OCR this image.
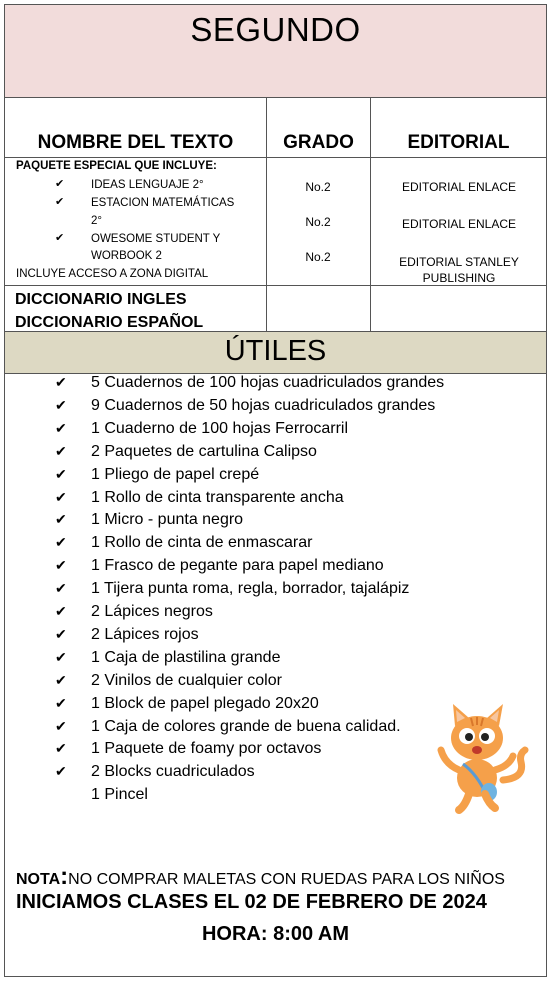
SEGUNDO
NOMBRE DEL TEXTO	GRADO	EDITORIAL
PAQUETE ESPECIAL QUE INCLUYE:
✔ IDEAS LENGUAJE 2°
✔ ESTACION MATEMÁTICAS
2°
✔ OWESOME STUDENT Y
WORBOOK 2
INCLUYE ACCESO A ZONA DIGITAL
No.2
No.2
No.2
EDITORIAL ENLACE
EDITORIAL ENLACE
EDITORIAL STANLEY
PUBLISHING
DICCIONARIO INGLES
DICCIONARIO ESPAÑOL
ÚTILES
✔ 5 Cuadernos de 100 hojas cuadriculados grandes
✔ 9 Cuadernos de 50 hojas cuadriculados grandes
✔ 1 Cuaderno de 100 hojas Ferrocarril
✔ 2 Paquetes de cartulina Calipso
✔ 1 Pliego de papel crepé
✔ 1 Rollo de cinta transparente ancha
✔ 1 Micro - punta negro
✔ 1 Rollo de cinta de enmascarar
✔ 1 Frasco de pegante para papel mediano
✔ 1 Tijera punta roma, regla, borrador, tajalápiz
✔ 2 Lápices negros
✔ 2 Lápices rojos
✔ 1 Caja de plastilina grande
✔ 2 Vinilos de cualquier color
✔ 1 Block de papel plegado 20x20
✔ 1 Caja de colores grande de buena calidad.
✔ 1 Paquete de foamy por octavos
✔ 2 Blocks cuadriculados
1 Pincel
NOTA:NO COMPRAR MALETAS CON RUEDAS PARA LOS NIÑOS
INICIAMOS CLASES EL 02 DE FEBRERO DE 2024
HORA: 8:00 AM
